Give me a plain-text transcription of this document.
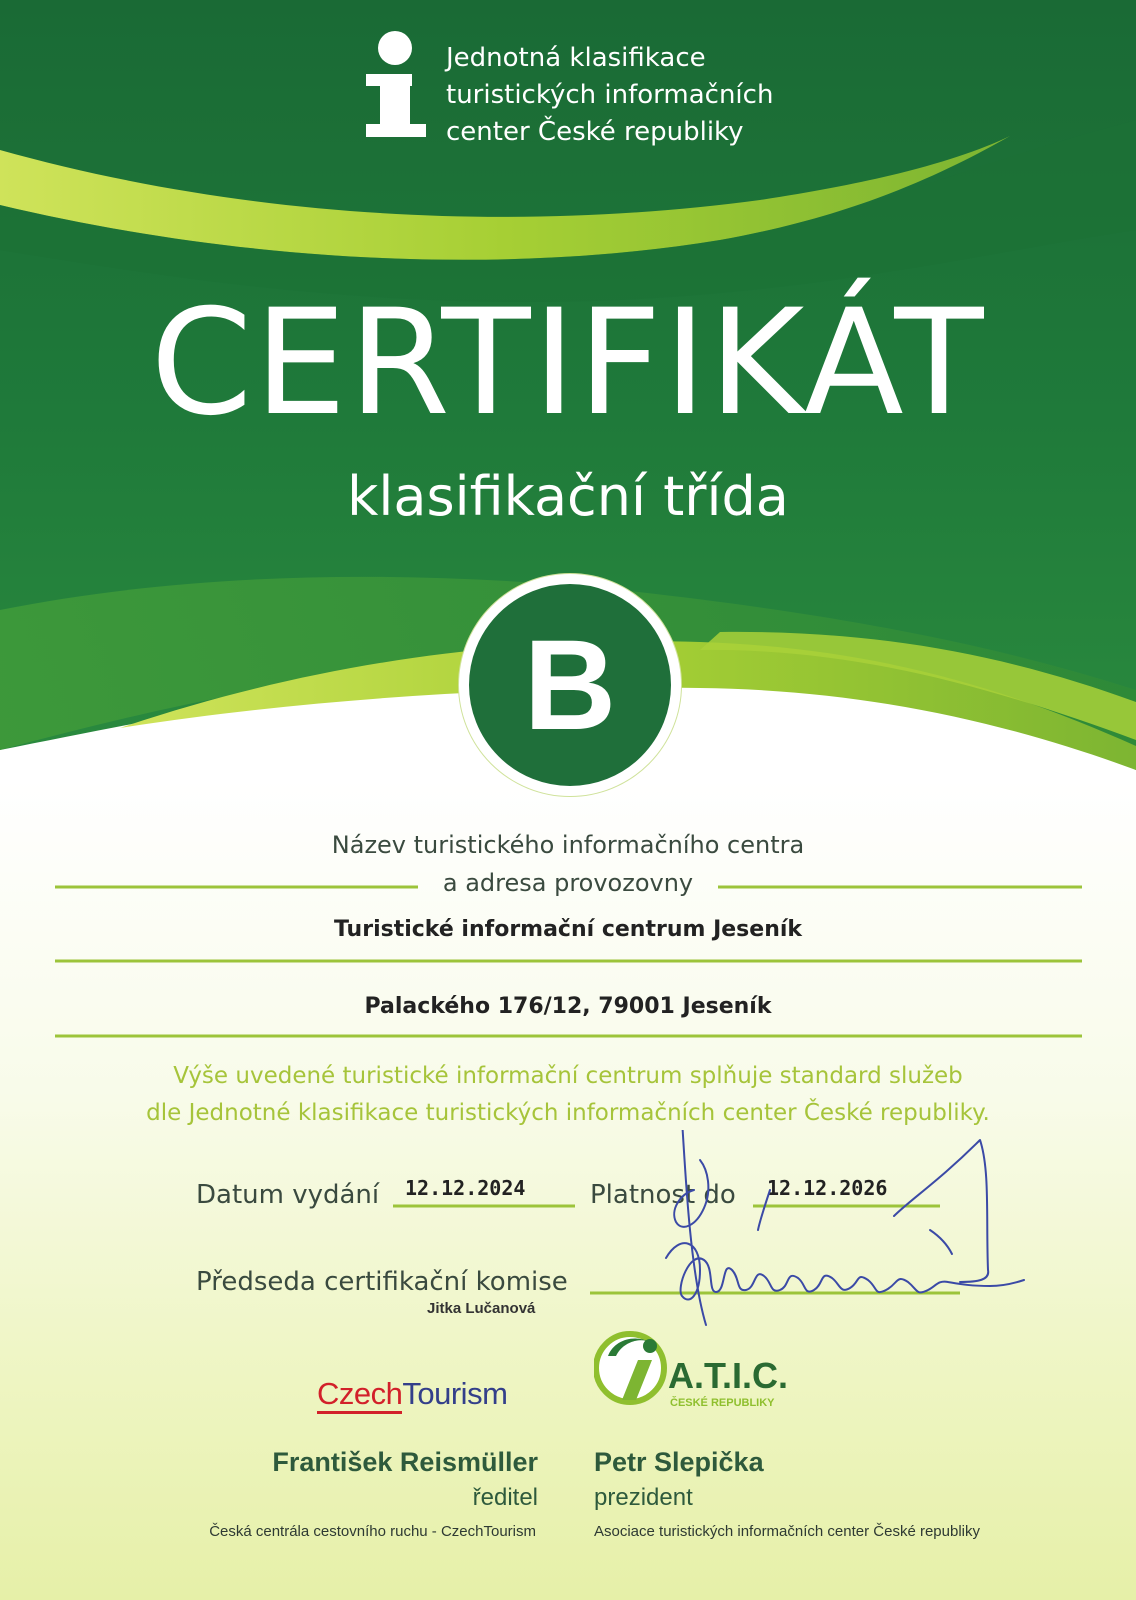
Jednotná klasifikace
turistických informačních
center České republiky
CERTIFIKÁT
klasifikační třída
B
Název turistického informačního centra
a adresa provozovny
Turistické informační centrum Jeseník
Palackého 176/12, 79001 Jeseník
Výše uvedené turistické informační centrum splňuje standard služeb
dle Jednotné klasifikace turistických informačních center České republiky.
Datum vydání 12.12.2024 Platnost do 12.12.2026
Předseda certifikační komise
Jitka Lučanová
CzechTourism	A.T.I.C.
ČESKÉ REPUBLIKY
František Reismüller
ředitel
Česká centrála cestovního ruchu - CzechTourism
Petr Slepička
prezident
Asociace turistických informačních center České republiky
